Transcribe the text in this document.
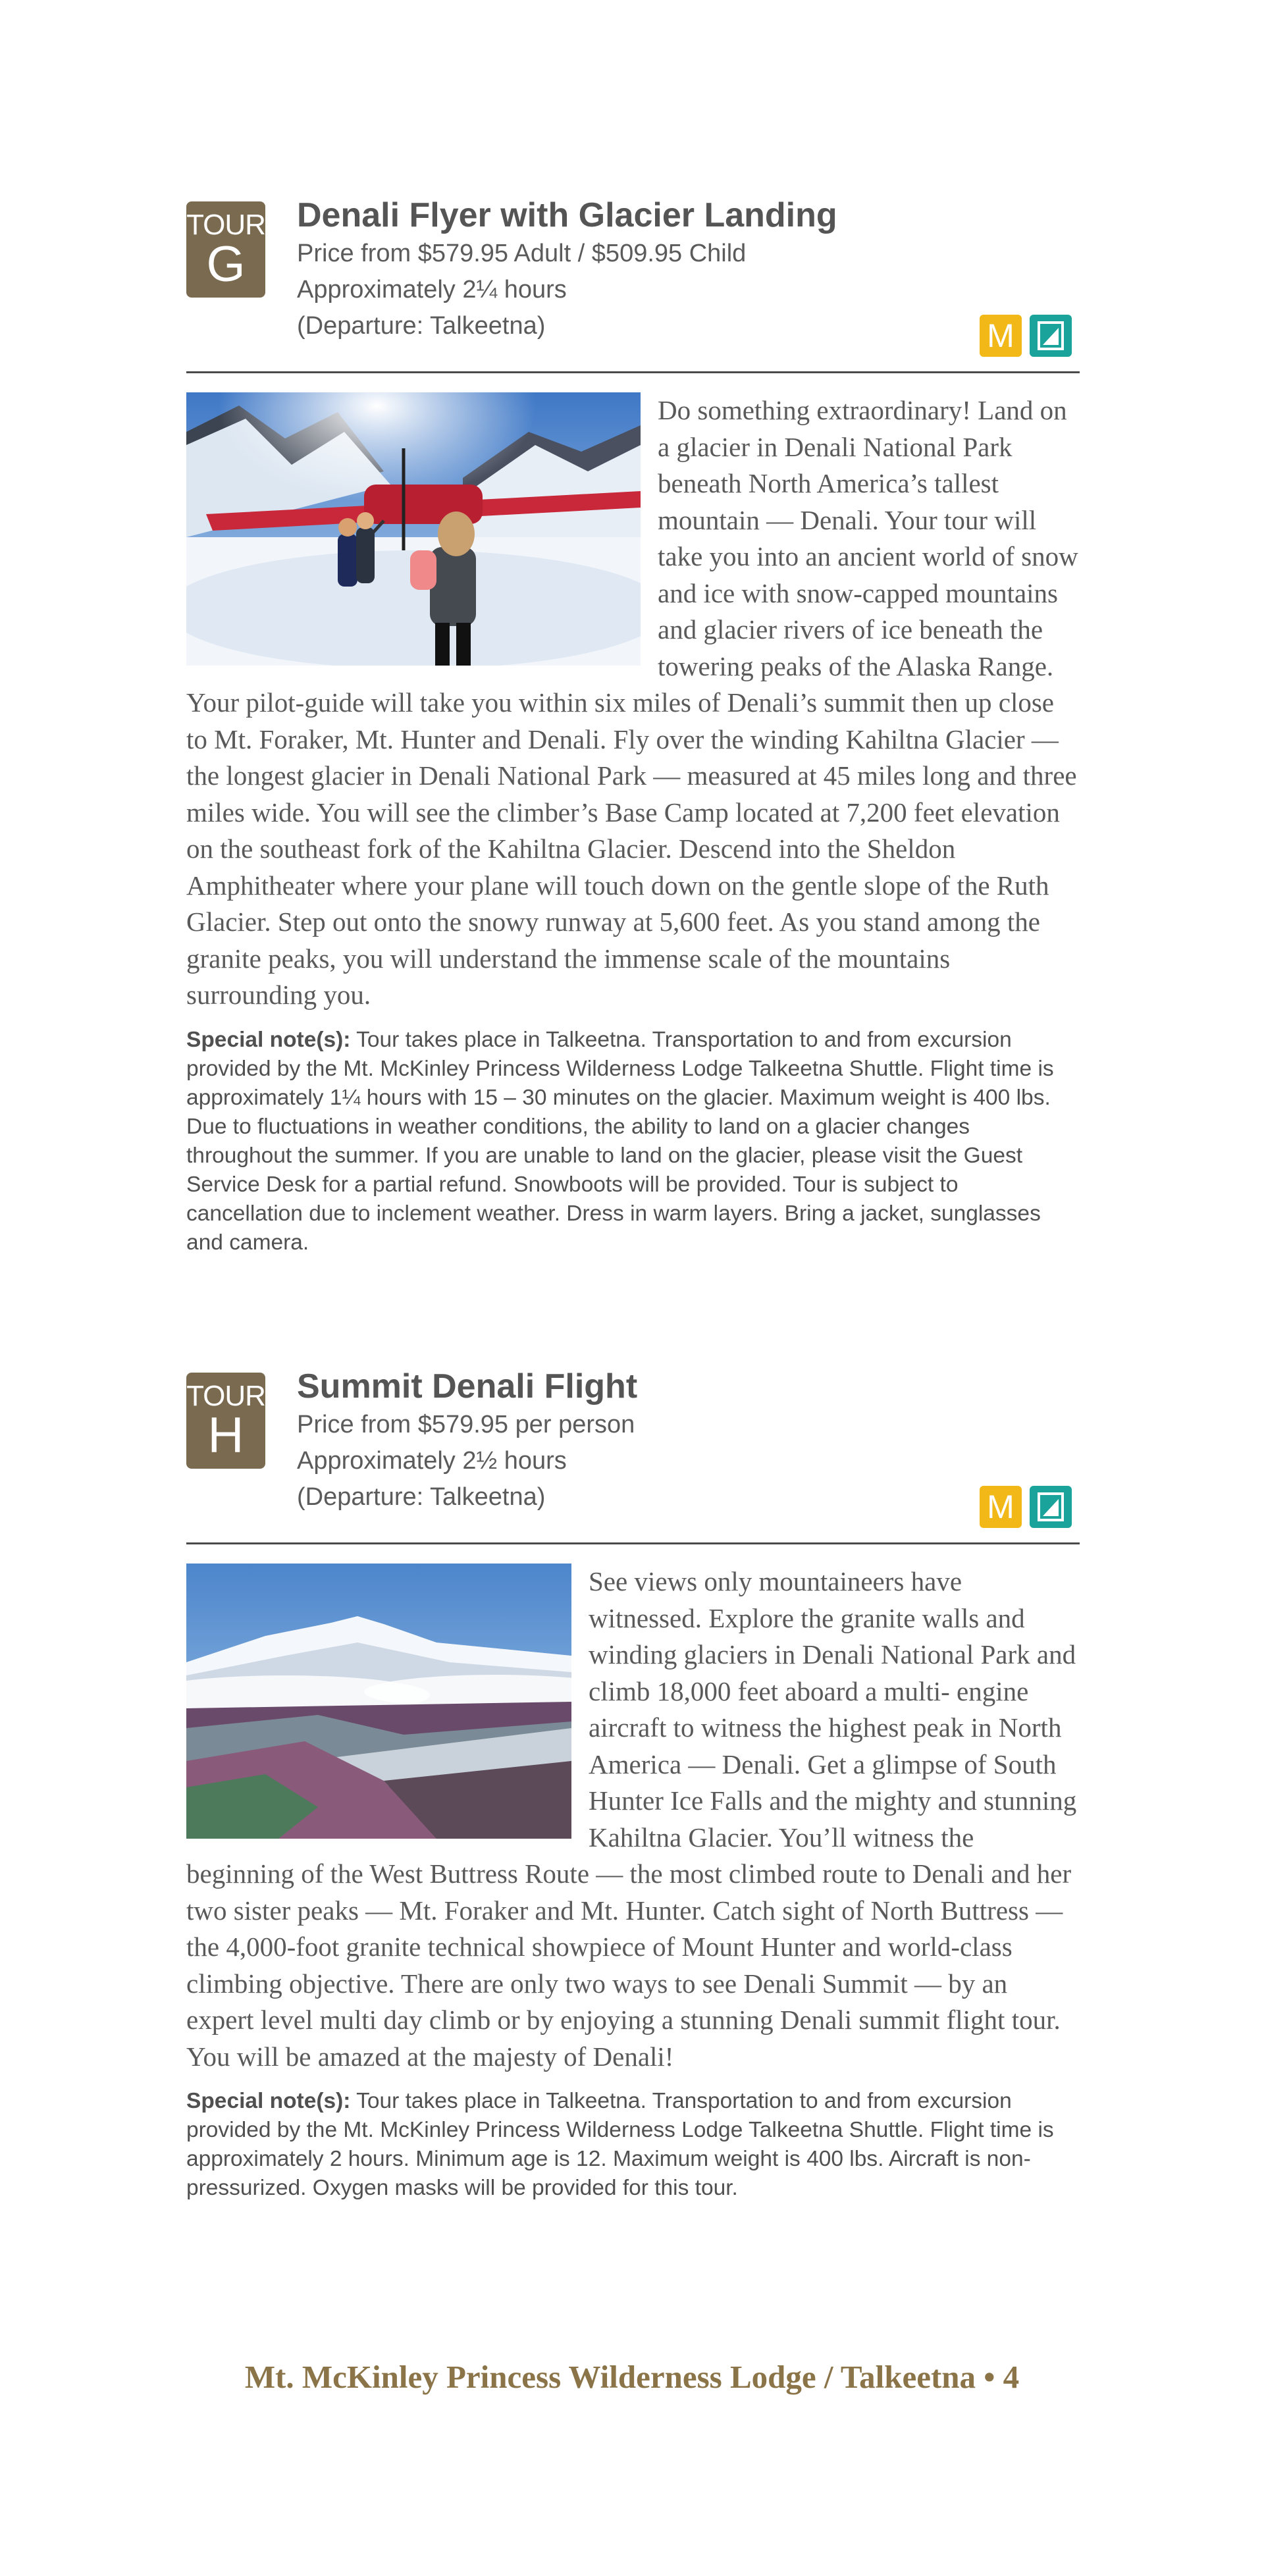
TOUR
G
Denali Flyer with Glacier Landing

Price from $579.95 Adult / $509.95 Child

Approximately 2¼ hours

(Departure: Talkeetna)	M

Do something extraordinary! Land on a glacier in Denali National Park beneath North America’s tallest mountain — Denali. Your tour will take you into an ancient world of snow and ice with snow-capped mountains and glacier rivers of ice beneath the towering peaks of the Alaska Range. Your pilot-guide will take you within six miles of Denali’s summit then up close to Mt. Foraker, Mt. Hunter and Denali. Fly over the winding Kahiltna Glacier — the longest glacier in Denali National Park — measured at 45 miles long and three miles wide. You will see the climber’s Base Camp located at 7,200 feet elevation on the southeast fork of the Kahiltna Glacier. Descend into the Sheldon Amphitheater where your plane will touch down on the gentle slope of the Ruth Glacier. Step out onto the snowy runway at 5,600 feet. As you stand among the granite peaks, you will understand the immense scale of the mountains surrounding you.

Special note(s): Tour takes place in Talkeetna. Transportation to and from excursion provided by the Mt. McKinley Princess Wilderness Lodge Talkeetna Shuttle. Flight time is approximately 1¼ hours with 15 – 30 minutes on the glacier. Maximum weight is 400 lbs. Due to fluctuations in weather conditions, the ability to land on a glacier changes throughout the summer. If you are unable to land on the glacier, please visit the Guest Service Desk for a partial refund. Snowboots will be provided. Tour is subject to cancellation due to inclement weather. Dress in warm layers. Bring a jacket, sunglasses and camera.

TOUR
H
Summit Denali Flight

Price from $579.95 per person

Approximately 2½ hours

(Departure: Talkeetna)	M

See views only mountaineers have witnessed. Explore the granite walls and winding glaciers in Denali National Park and climb 18,000 feet aboard a multi- engine aircraft to witness the highest peak in North America — Denali. Get a glimpse of South Hunter Ice Falls and the mighty and stunning Kahiltna Glacier. You’ll witness the beginning of the West Buttress Route — the most climbed route to Denali and her two sister peaks — Mt. Foraker and Mt. Hunter. Catch sight of North Buttress — the 4,000-foot granite technical showpiece of Mount Hunter and world-class climbing objective. There are only two ways to see Denali Summit — by an expert level multi day climb or by enjoying a stunning Denali summit flight tour. You will be amazed at the majesty of Denali!

Special note(s): Tour takes place in Talkeetna. Transportation to and from excursion provided by the Mt. McKinley Princess Wilderness Lodge Talkeetna Shuttle. Flight time is approximately 2 hours. Minimum age is 12. Maximum weight is 400 lbs. Aircraft is non-pressurized. Oxygen masks will be provided for this tour.

Mt. McKinley Princess Wilderness Lodge / Talkeetna • 4
